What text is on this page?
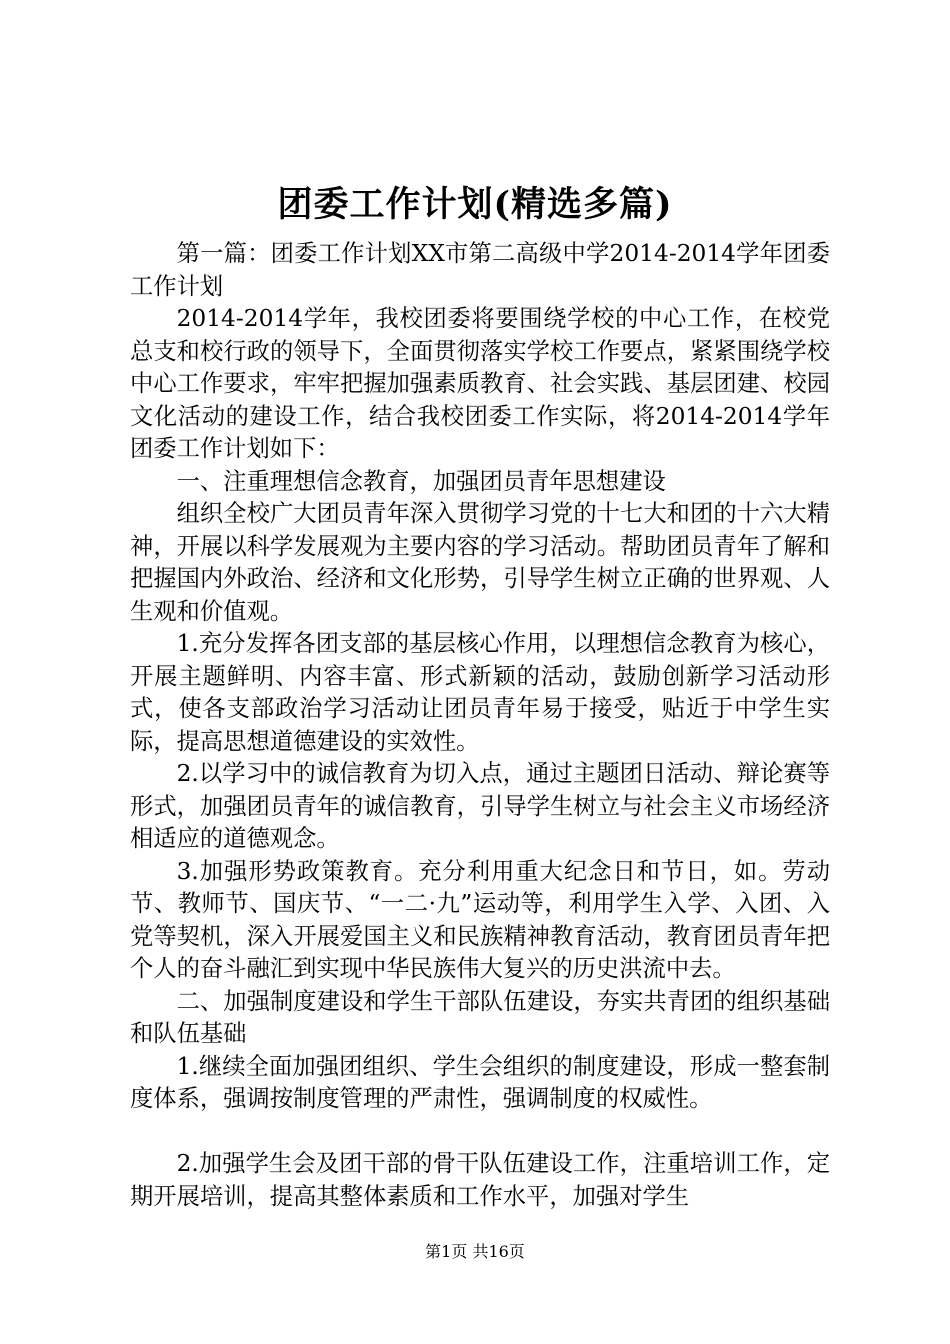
团委工作计划(精选多篇)

第一篇：团委工作计划XX市第二高级中学2014-2014学年团委工作计划

2014-2014学年，我校团委将要围绕学校的中心工作，在校党总支和校行政的领导下，全面贯彻落实学校工作要点，紧紧围绕学校中心工作要求，牢牢把握加强素质教育、社会实践、基层团建、校园文化活动的建设工作，结合我校团委工作实际，将2014-2014学年团委工作计划如下：

一、注重理想信念教育，加强团员青年思想建设

组织全校广大团员青年深入贯彻学习党的十七大和团的十六大精神，开展以科学发展观为主要内容的学习活动。帮助团员青年了解和把握国内外政治、经济和文化形势，引导学生树立正确的世界观、人生观和价值观。

1.充分发挥各团支部的基层核心作用，以理想信念教育为核心，开展主题鲜明、内容丰富、形式新颖的活动，鼓励创新学习活动形式，使各支部政治学习活动让团员青年易于接受，贴近于中学生实际，提高思想道德建设的实效性。

2.以学习中的诚信教育为切入点，通过主题团日活动、辩论赛等形式，加强团员青年的诚信教育，引导学生树立与社会主义市场经济相适应的道德观念。

3.加强形势政策教育。充分利用重大纪念日和节日，如。劳动节、教师节、国庆节、“一二·九”运动等，利用学生入学、入团、入党等契机，深入开展爱国主义和民族精神教育活动，教育团员青年把个人的奋斗融汇到实现中华民族伟大复兴的历史洪流中去。

二、加强制度建设和学生干部队伍建设，夯实共青团的组织基础和队伍基础

1.继续全面加强团组织、学生会组织的制度建设，形成一整套制度体系，强调按制度管理的严肃性，强调制度的权威性。

2.加强学生会及团干部的骨干队伍建设工作，注重培训工作，定期开展培训，提高其整体素质和工作水平，加强对学生

第1页 共16页
